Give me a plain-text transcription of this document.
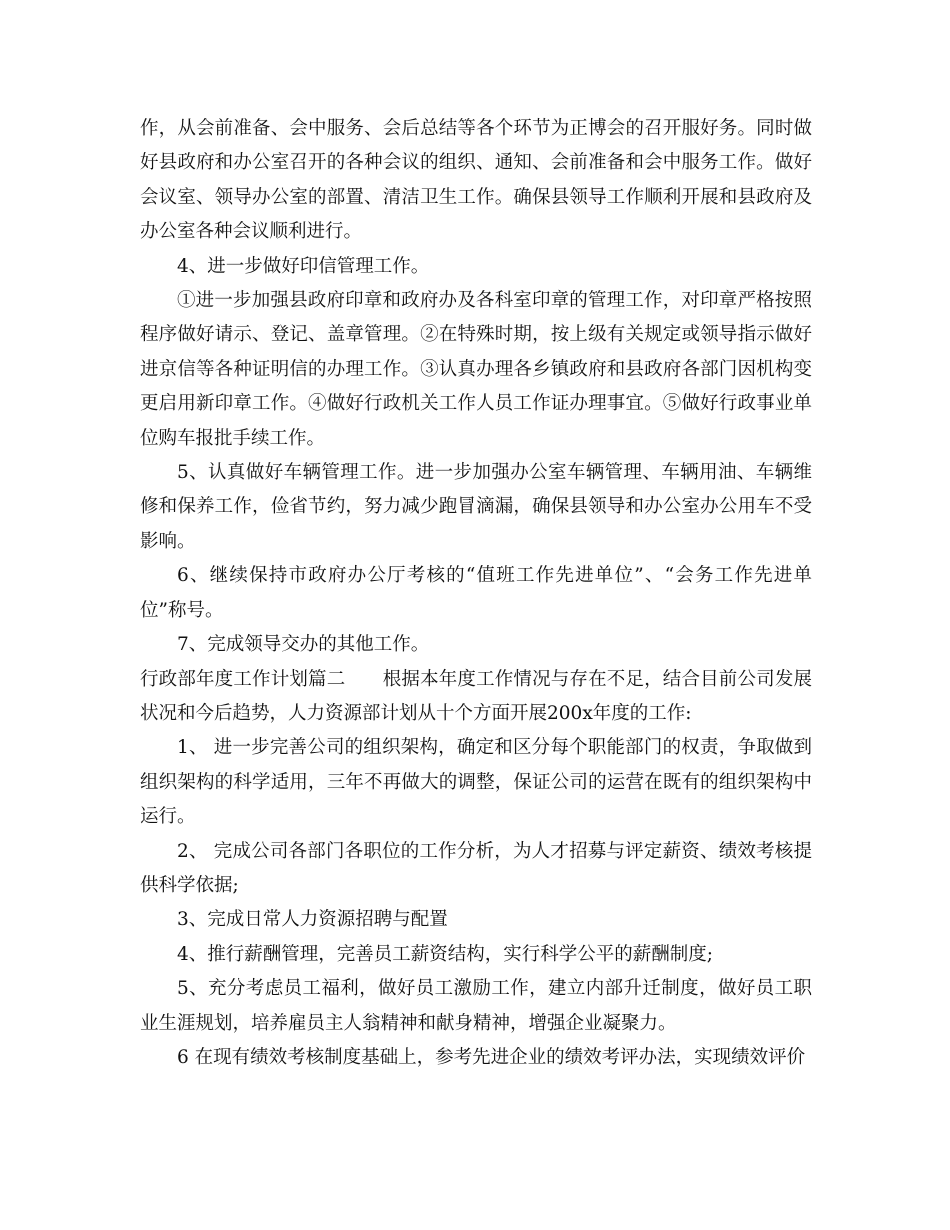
作，从会前准备、会中服务、会后总结等各个环节为正博会的召开服好务。同时做好县政府和办公室召开的各种会议的组织、通知、会前准备和会中服务工作。做好会议室、领导办公室的部置、清洁卫生工作。确保县领导工作顺利开展和县政府及办公室各种会议顺利进行。

4、进一步做好印信管理工作。

①进一步加强县政府印章和政府办及各科室印章的管理工作，对印章严格按照程序做好请示、登记、盖章管理。②在特殊时期，按上级有关规定或领导指示做好进京信等各种证明信的办理工作。③认真办理各乡镇政府和县政府各部门因机构变更启用新印章工作。④做好行政机关工作人员工作证办理事宜。⑤做好行政事业单位购车报批手续工作。

5、认真做好车辆管理工作。进一步加强办公室车辆管理、车辆用油、车辆维修和保养工作，俭省节约，努力减少跑冒滴漏，确保县领导和办公室办公用车不受影响。

6、继续保持市政府办公厅考核的“值班工作先进单位”、“会务工作先进单位”称号。

7、完成领导交办的其他工作。

行政部年度工作计划篇二　　根据本年度工作情况与存在不足，结合目前公司发展状况和今后趋势，人力资源部计划从十个方面开展200x年度的工作:

1、 进一步完善公司的组织架构，确定和区分每个职能部门的权责，争取做到组织架构的科学适用，三年不再做大的调整，保证公司的运营在既有的组织架构中运行。

2、 完成公司各部门各职位的工作分析，为人才招募与评定薪资、绩效考核提供科学依据;

3、完成日常人力资源招聘与配置

4、推行薪酬管理，完善员工薪资结构，实行科学公平的薪酬制度;

5、充分考虑员工福利，做好员工激励工作，建立内部升迁制度，做好员工职业生涯规划，培养雇员主人翁精神和献身精神，增强企业凝聚力。

6 在现有绩效考核制度基础上，参考先进企业的绩效考评办法，实现绩效评价
